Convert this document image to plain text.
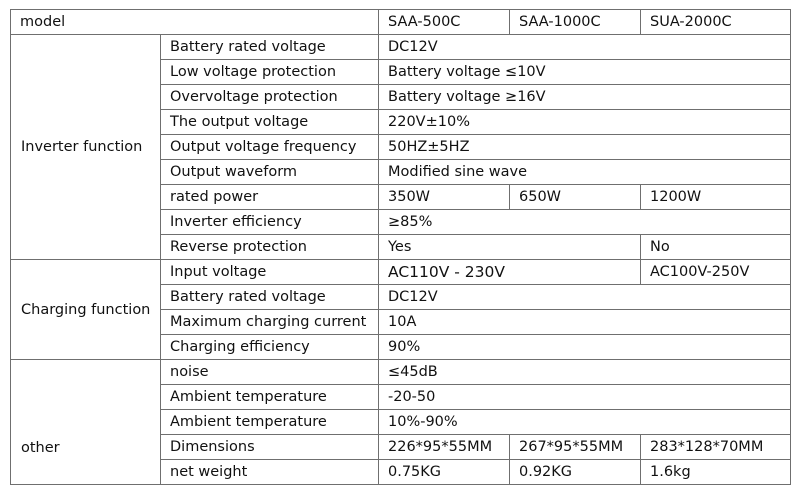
model		SAA-500C	SAA-1000C	SUA-2000C
Inverter function	Battery rated voltage	DC12V		
	Low voltage protection	Battery voltage ≤10V		
	Overvoltage protection	Battery voltage ≥16V		
	The output voltage	220V±10%		
	Output voltage frequency	50HZ±5HZ		
	Output waveform	Modified sine wave		
	rated power	350W	650W	1200W
	Inverter efficiency	≥85%		
	Reverse protection	Yes		No
Charging function	Input voltage	AC110V - 230V		AC100V-250V
	Battery rated voltage	DC12V		
	Maximum charging current	10A		
	Charging efficiency	90%		

other	noise	≤45dB		
	Ambient temperature	-20-50		
	Ambient temperature	10%-90%		
	Dimensions	226*95*55MM	267*95*55MM	283*128*70MM
	net weight	0.75KG	0.92KG	1.6kg
